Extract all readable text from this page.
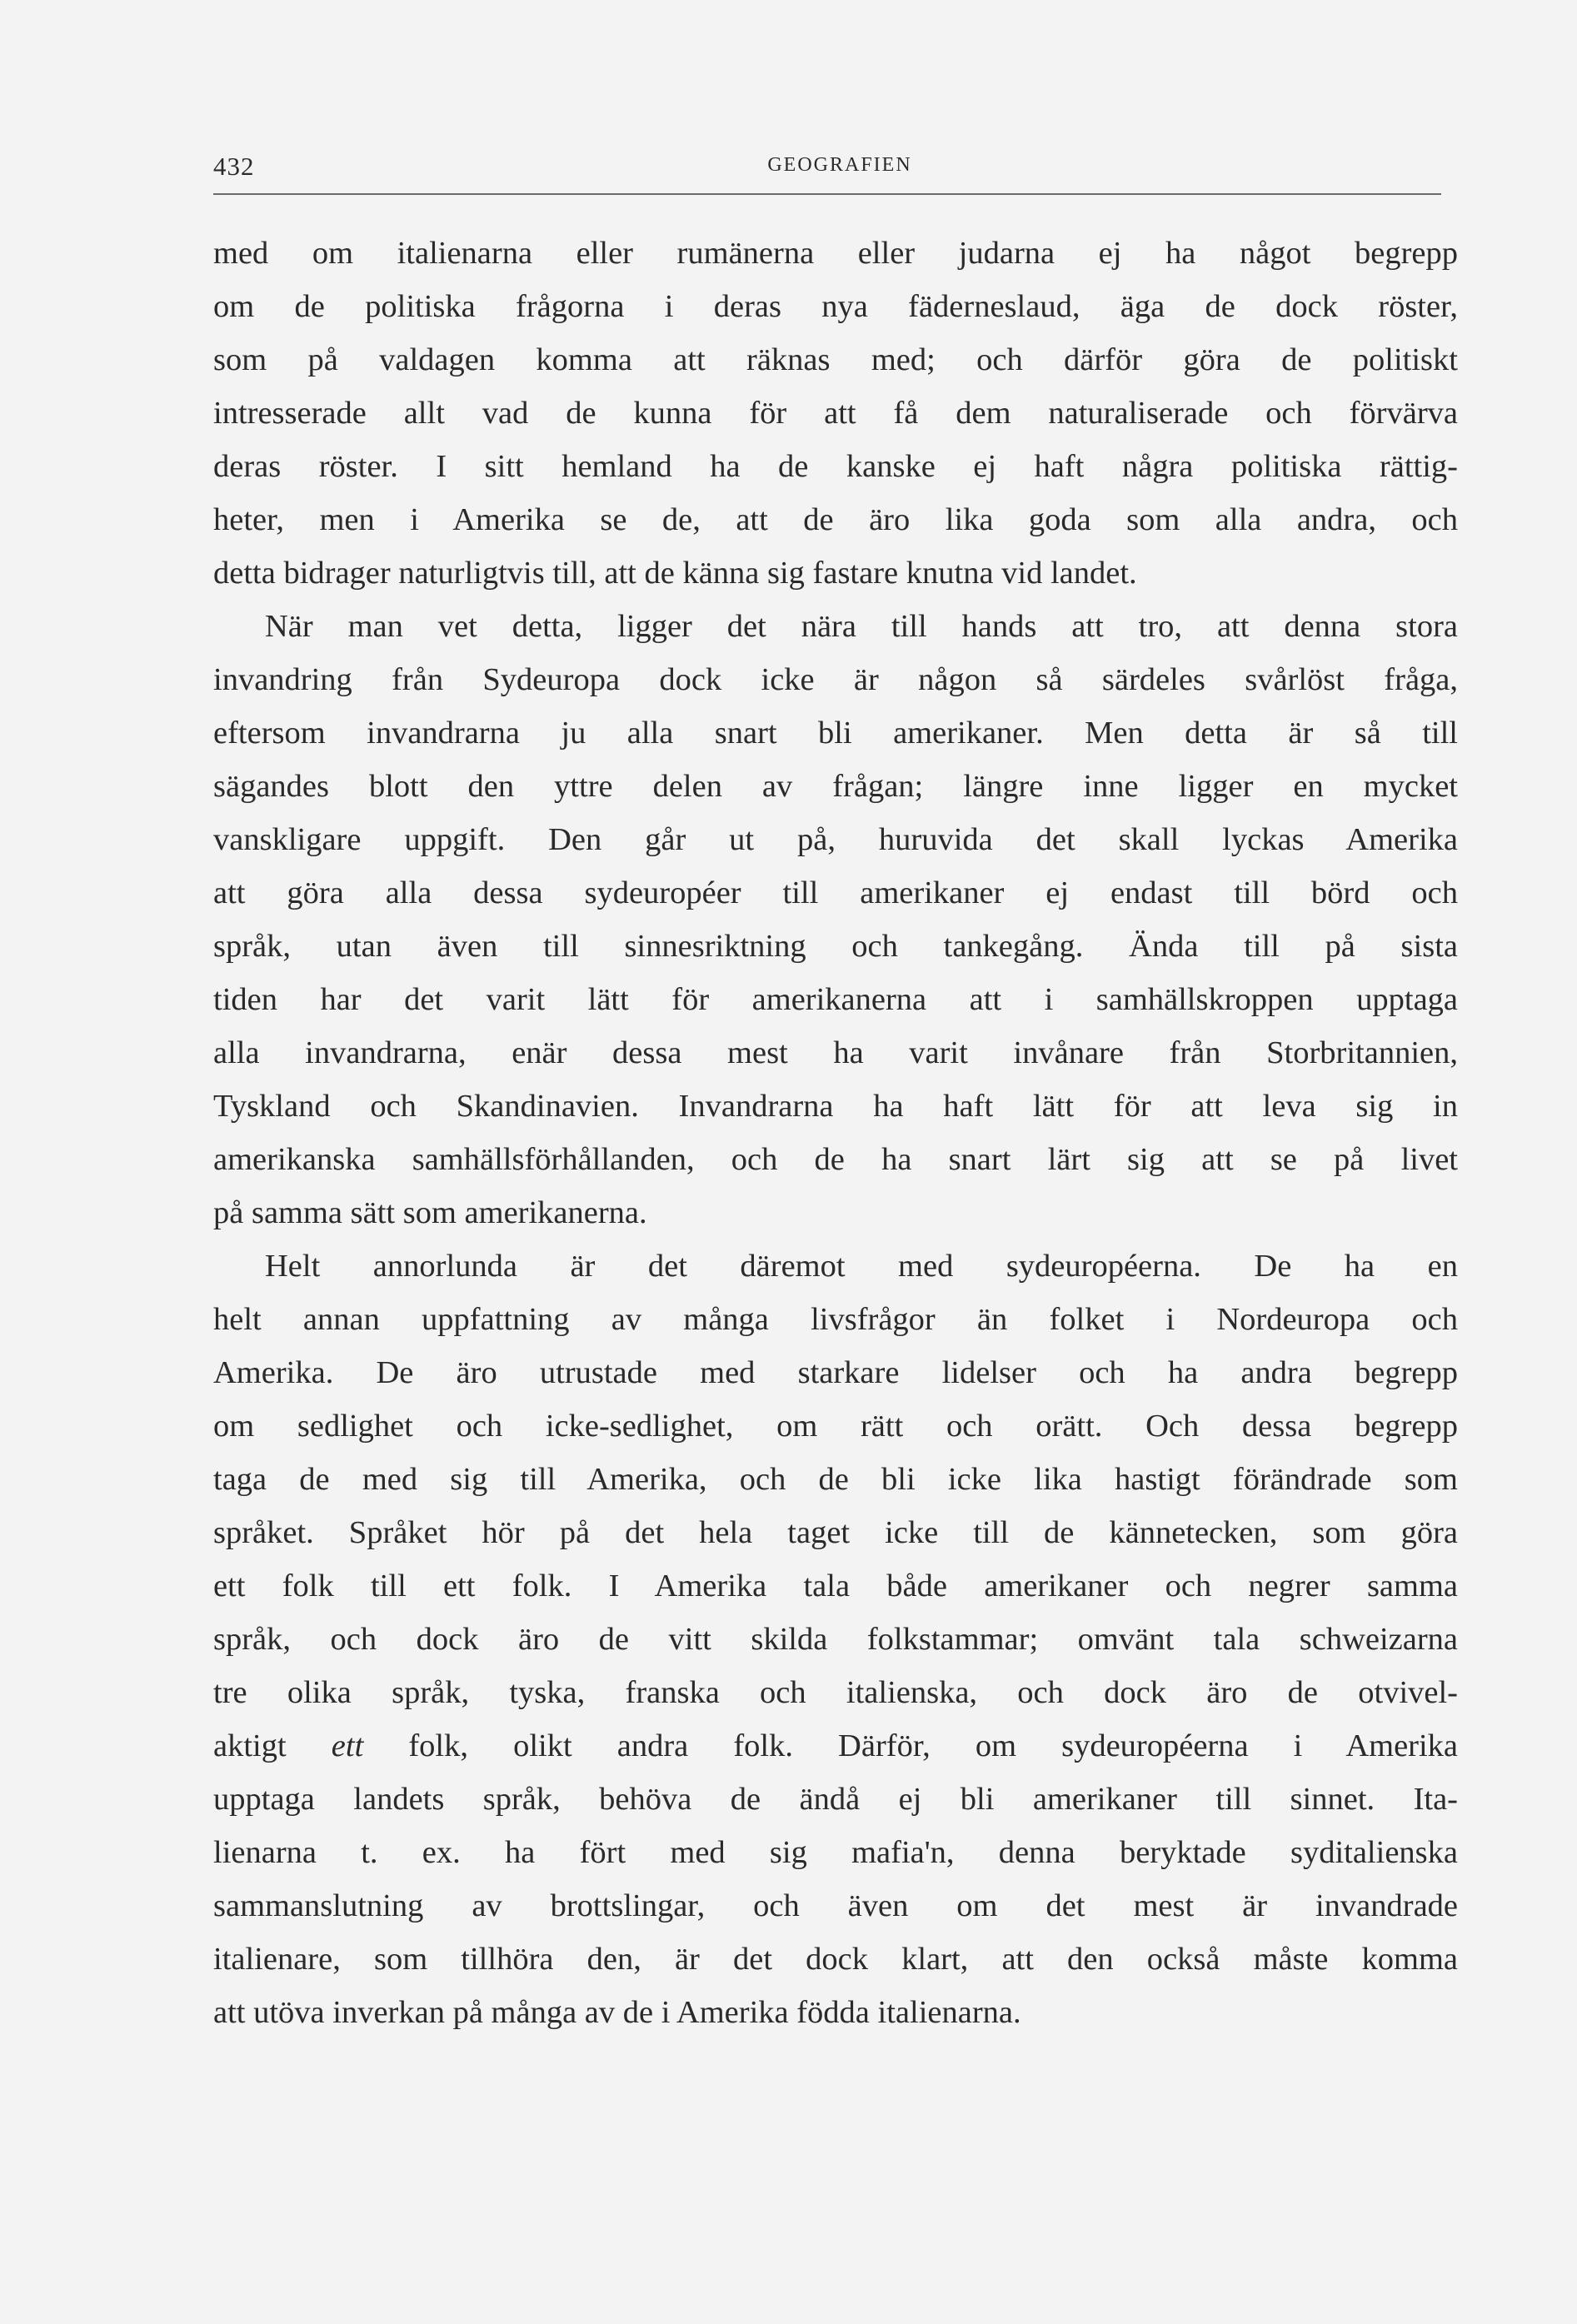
432	GEOGRAFIEN
med om italienarna eller rumänerna eller judarna ej ha något begrepp
om de politiska frågorna i deras nya fäderneslaud, äga de dock röster,
som på valdagen komma att räknas med; och därför göra de politiskt
intresserade allt vad de kunna för att få dem naturaliserade och förvärva
deras röster. I sitt hemland ha de kanske ej haft några politiska rättig-
heter, men i Amerika se de, att de äro lika goda som alla andra, och
detta bidrager naturligtvis till, att de känna sig fastare knutna vid landet.
När man vet detta, ligger det nära till hands att tro, att denna stora
invandring från Sydeuropa dock icke är någon så särdeles svårlöst fråga,
eftersom invandrarna ju alla snart bli amerikaner. Men detta är så till
sägandes blott den yttre delen av frågan; längre inne ligger en mycket
vanskligare uppgift. Den går ut på, huruvida det skall lyckas Amerika
att göra alla dessa sydeuropéer till amerikaner ej endast till börd och
språk, utan även till sinnesriktning och tankegång. Ända till på sista
tiden har det varit lätt för amerikanerna att i samhällskroppen upptaga
alla invandrarna, enär dessa mest ha varit invånare från Storbritannien,
Tyskland och Skandinavien. Invandrarna ha haft lätt för att leva sig in
amerikanska samhällsförhållanden, och de ha snart lärt sig att se på livet
på samma sätt som amerikanerna.
Helt annorlunda är det däremot med sydeuropéerna. De ha en
helt annan uppfattning av många livsfrågor än folket i Nordeuropa och
Amerika. De äro utrustade med starkare lidelser och ha andra begrepp
om sedlighet och icke-sedlighet, om rätt och orätt. Och dessa begrepp
taga de med sig till Amerika, och de bli icke lika hastigt förändrade som
språket. Språket hör på det hela taget icke till de kännetecken, som göra
ett folk till ett folk. I Amerika tala både amerikaner och negrer samma
språk, och dock äro de vitt skilda folkstammar; omvänt tala schweizarna
tre olika språk, tyska, franska och italienska, och dock äro de otvivel-
aktigt ett folk, olikt andra folk. Därför, om sydeuropéerna i Amerika
upptaga landets språk, behöva de ändå ej bli amerikaner till sinnet. Ita-
lienarna t. ex. ha fört med sig mafia'n, denna beryktade syditalienska
sammanslutning av brottslingar, och även om det mest är invandrade
italienare, som tillhöra den, är det dock klart, att den också måste komma
att utöva inverkan på många av de i Amerika födda italienarna.
